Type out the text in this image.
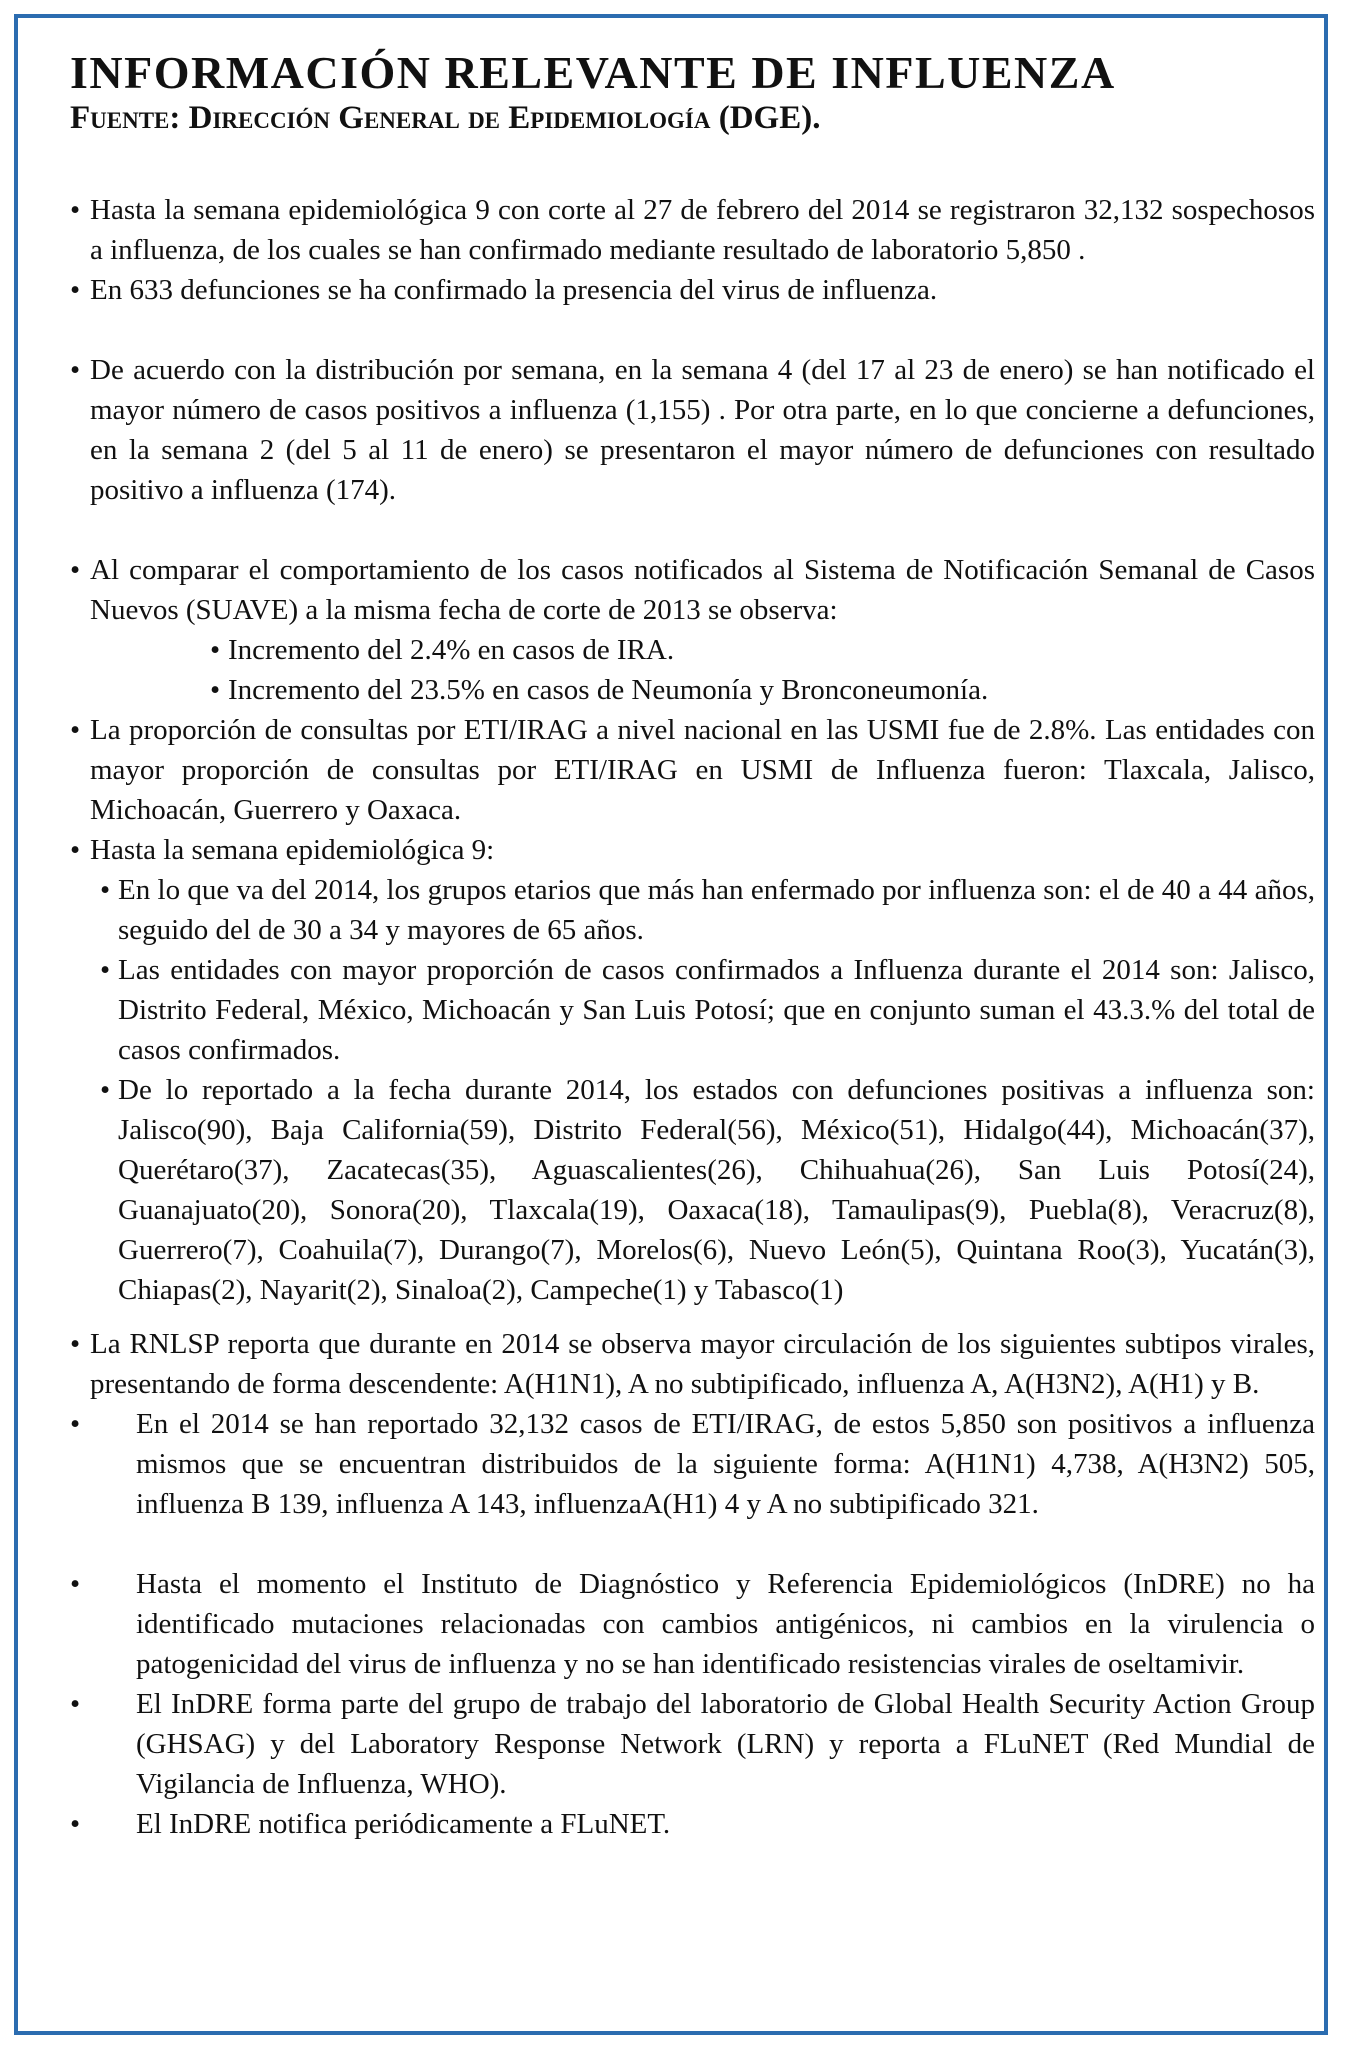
INFORMACIÓN RELEVANTE DE INFLUENZA
Fuente: Dirección General de Epidemiología (DGE).
• Hasta la semana epidemiológica 9 con corte al 27 de febrero del 2014 se registraron 32,132 sospechosos a influenza, de los cuales se han confirmado mediante resultado de laboratorio 5,850 .
• En 633 defunciones se ha confirmado la presencia del virus de influenza.
• De acuerdo con la distribución por semana, en la semana 4 (del 17 al 23 de enero) se han notificado el mayor número de casos positivos a influenza (1,155) . Por otra parte, en lo que concierne a defunciones, en la semana 2 (del 5 al 11 de enero) se presentaron el mayor número de defunciones con resultado positivo a influenza (174).
• Al comparar el comportamiento de los casos notificados al Sistema de Notificación Semanal de Casos Nuevos (SUAVE) a la misma fecha de corte de 2013 se observa:
• Incremento del 2.4% en casos de IRA.
• Incremento del 23.5% en casos de Neumonía y Bronconeumonía.
• La proporción de consultas por ETI/IRAG a nivel nacional en las USMI fue de 2.8%. Las entidades con mayor proporción de consultas por ETI/IRAG en USMI de Influenza fueron: Tlaxcala, Jalisco, Michoacán, Guerrero y Oaxaca.
• Hasta la semana epidemiológica 9:
• En lo que va del 2014, los grupos etarios que más han enfermado por influenza son: el de 40 a 44 años, seguido del de 30 a 34 y mayores de 65 años.
• Las entidades con mayor proporción de casos confirmados a Influenza durante el 2014 son: Jalisco, Distrito Federal, México, Michoacán y San Luis Potosí; que en conjunto suman el 43.3.% del total de casos confirmados.
• De lo reportado a la fecha durante 2014, los estados con defunciones positivas a influenza son: Jalisco(90), Baja California(59), Distrito Federal(56), México(51), Hidalgo(44), Michoacán(37), Querétaro(37), Zacatecas(35), Aguascalientes(26), Chihuahua(26), San Luis Potosí(24), Guanajuato(20), Sonora(20), Tlaxcala(19), Oaxaca(18), Tamaulipas(9), Puebla(8), Veracruz(8), Guerrero(7), Coahuila(7), Durango(7), Morelos(6), Nuevo León(5), Quintana Roo(3), Yucatán(3), Chiapas(2), Nayarit(2), Sinaloa(2), Campeche(1) y Tabasco(1)
• La RNLSP reporta que durante en 2014 se observa mayor circulación de los siguientes subtipos virales, presentando de forma descendente: A(H1N1), A no subtipificado, influenza A, A(H3N2), A(H1) y B.
• En el 2014 se han reportado 32,132 casos de ETI/IRAG, de estos 5,850 son positivos a influenza mismos que se encuentran distribuidos de la siguiente forma: A(H1N1) 4,738, A(H3N2) 505, influenza B 139, influenza A 143, influenzaA(H1) 4 y A no subtipificado 321.
• Hasta el momento el Instituto de Diagnóstico y Referencia Epidemiológicos (InDRE) no ha identificado mutaciones relacionadas con cambios antigénicos, ni cambios en la virulencia o patogenicidad del virus de influenza y no se han identificado resistencias virales de oseltamivir.
• El InDRE forma parte del grupo de trabajo del laboratorio de Global Health Security Action Group (GHSAG) y del Laboratory Response Network (LRN) y reporta a FLuNET (Red Mundial de Vigilancia de Influenza, WHO).
• El InDRE notifica periódicamente a FLuNET.
